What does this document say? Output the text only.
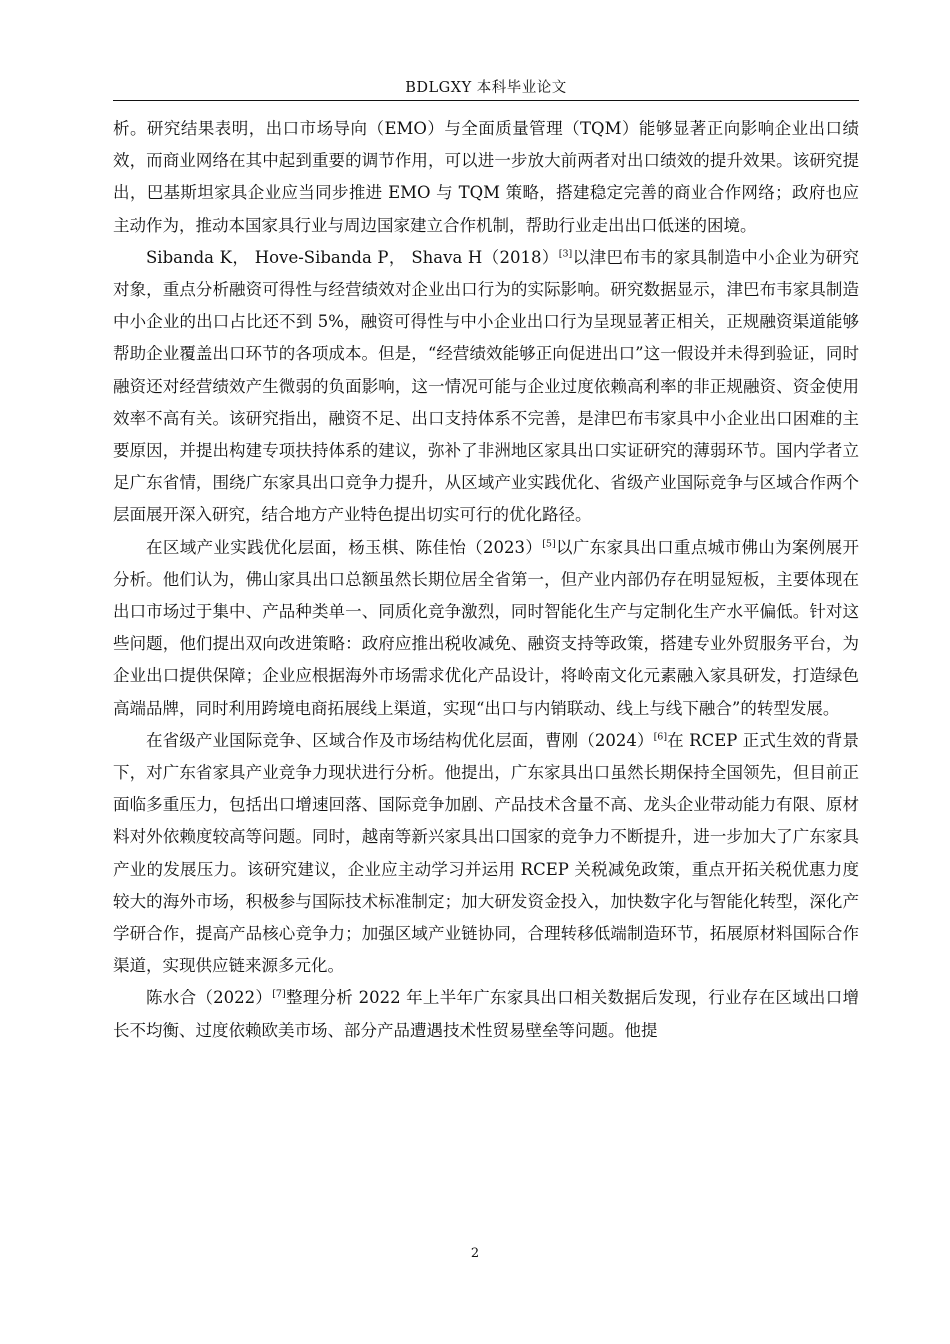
BDLGXY 本科毕业论文

析。研究结果表明，出口市场导向（EMO）与全面质量管理（TQM）能够显著正向影响企业出口绩效，而商业网络在其中起到重要的调节作用，可以进一步放大前两者对出口绩效的提升效果。该研究提出，巴基斯坦家具企业应当同步推进 EMO 与 TQM 策略，搭建稳定完善的商业合作网络；政府也应主动作为，推动本国家具行业与周边国家建立合作机制，帮助行业走出出口低迷的困境。

Sibanda K， Hove-Sibanda P， Shava H（2018）[3]以津巴布韦的家具制造中小企业为研究对象，重点分析融资可得性与经营绩效对企业出口行为的实际影响。研究数据显示，津巴布韦家具制造中小企业的出口占比还不到 5%，融资可得性与中小企业出口行为呈现显著正相关，正规融资渠道能够帮助企业覆盖出口环节的各项成本。但是，“经营绩效能够正向促进出口”这一假设并未得到验证，同时融资还对经营绩效产生微弱的负面影响，这一情况可能与企业过度依赖高利率的非正规融资、资金使用效率不高有关。该研究指出，融资不足、出口支持体系不完善，是津巴布韦家具中小企业出口困难的主要原因，并提出构建专项扶持体系的建议，弥补了非洲地区家具出口实证研究的薄弱环节。国内学者立足广东省情，围绕广东家具出口竞争力提升，从区域产业实践优化、省级产业国际竞争与区域合作两个层面展开深入研究，结合地方产业特色提出切实可行的优化路径。

在区域产业实践优化层面，杨玉棋、陈佳怡（2023）[5]以广东家具出口重点城市佛山为案例展开分析。他们认为，佛山家具出口总额虽然长期位居全省第一，但产业内部仍存在明显短板，主要体现在出口市场过于集中、产品种类单一、同质化竞争激烈，同时智能化生产与定制化生产水平偏低。针对这些问题，他们提出双向改进策略：政府应推出税收减免、融资支持等政策，搭建专业外贸服务平台，为企业出口提供保障；企业应根据海外市场需求优化产品设计，将岭南文化元素融入家具研发，打造绿色高端品牌，同时利用跨境电商拓展线上渠道，实现“出口与内销联动、线上与线下融合”的转型发展。

在省级产业国际竞争、区域合作及市场结构优化层面，曹刚（2024）[6]在 RCEP 正式生效的背景下，对广东省家具产业竞争力现状进行分析。他提出，广东家具出口虽然长期保持全国领先，但目前正面临多重压力，包括出口增速回落、国际竞争加剧、产品技术含量不高、龙头企业带动能力有限、原材料对外依赖度较高等问题。同时，越南等新兴家具出口国家的竞争力不断提升，进一步加大了广东家具产业的发展压力。该研究建议，企业应主动学习并运用 RCEP 关税减免政策，重点开拓关税优惠力度较大的海外市场，积极参与国际技术标准制定；加大研发资金投入，加快数字化与智能化转型，深化产学研合作，提高产品核心竞争力；加强区域产业链协同，合理转移低端制造环节，拓展原材料国际合作渠道，实现供应链来源多元化。

陈水合（2022）[7]整理分析 2022 年上半年广东家具出口相关数据后发现，行业存在区域出口增长不均衡、过度依赖欧美市场、部分产品遭遇技术性贸易壁垒等问题。他提

2
